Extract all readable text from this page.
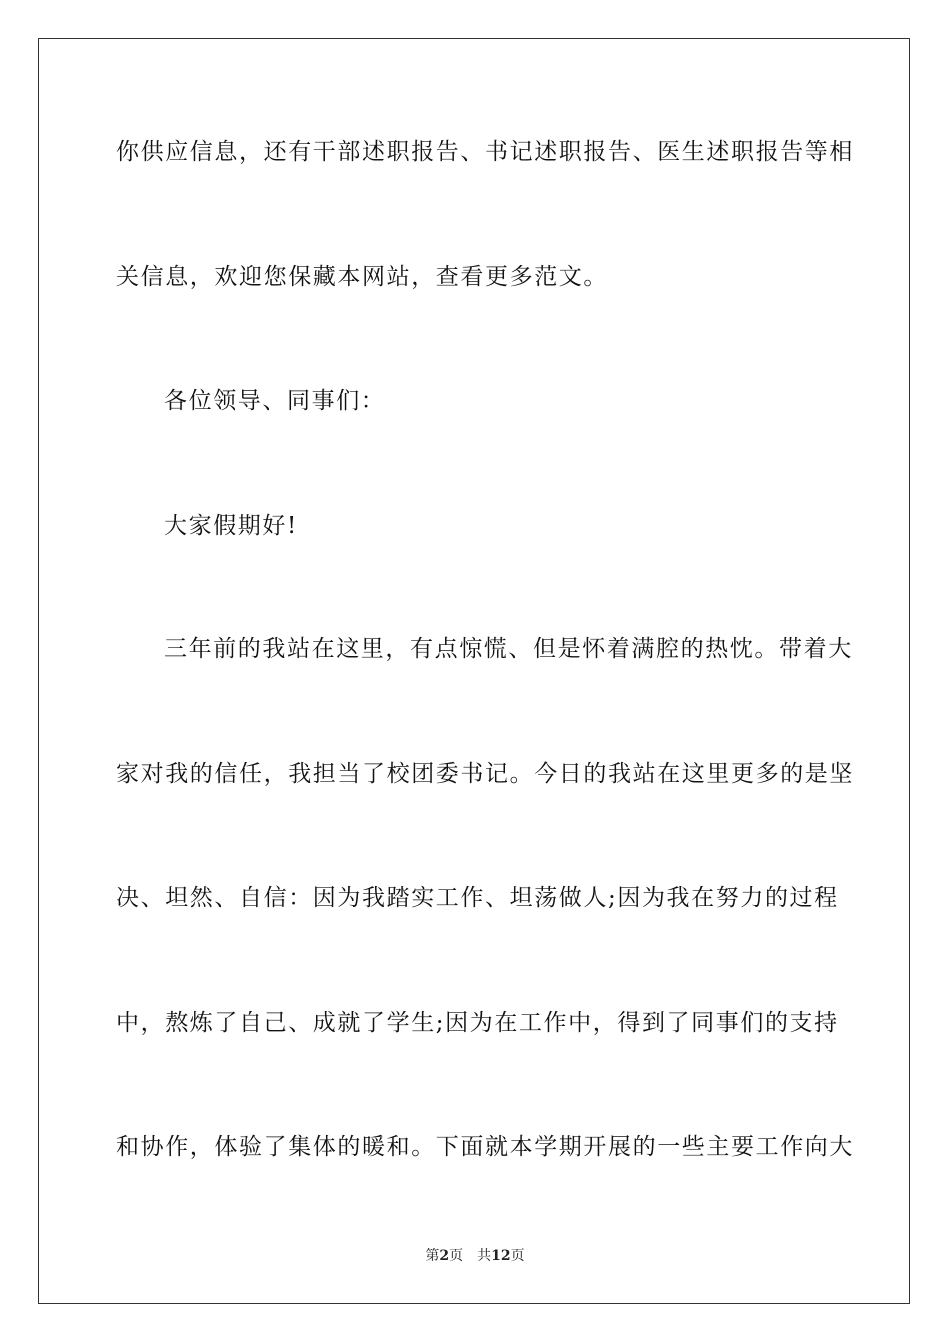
你供应信息，还有干部述职报告、书记述职报告、医生述职报告等相
关信息，欢迎您保藏本网站，查看更多范文。
各位领导、同事们：
大家假期好!
三年前的我站在这里，有点惊慌、但是怀着满腔的热忱。带着大
家对我的信任，我担当了校团委书记。今日的我站在这里更多的是坚
决、坦然、自信：因为我踏实工作、坦荡做人;因为我在努力的过程
中，熬炼了自己、成就了学生;因为在工作中，得到了同事们的支持
和协作，体验了集体的暖和。下面就本学期开展的一些主要工作向大
第2页 共12页
